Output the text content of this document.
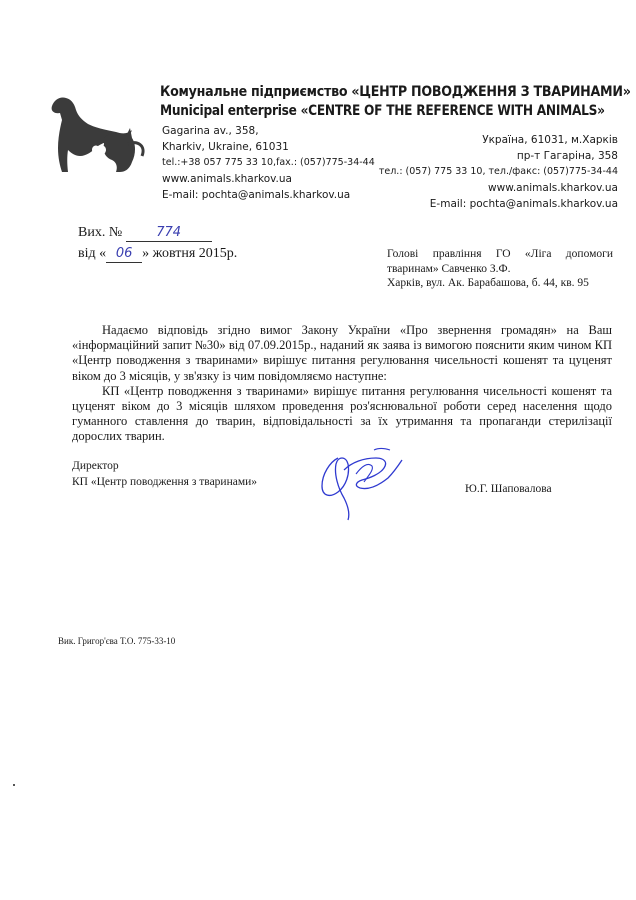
Комунальне підприємство «ЦЕНТР ПОВОДЖЕННЯ З ТВАРИНАМИ»
Municipal enterprise «CENTRE OF THE REFERENCE WITH ANIMALS»
Gagarina av., 358,
Kharkiv, Ukraine, 61031
tel.:+38 057 775 33 10,fax.: (057)775-34-44
www.animals.kharkov.ua
E-mail: pochta@animals.kharkov.ua
Україна, 61031, м.Харків
пр-т Гагаріна, 358
тел.: (057) 775 33 10, тел./факс: (057)775-34-44
www.animals.kharkov.ua
E-mail: pochta@animals.kharkov.ua
Вих. №	774
від « 06 » жовтня 2015р.	Голові правління ГО «Ліга допомоги
тваринам» Савченко З.Ф.
Харків, вул. Ак. Барабашова, б. 44, кв. 95

Надаємо відповідь згідно вимог Закону України «Про звернення громадян» на Ваш «інформаційний запит №30» від 07.09.2015р., наданий як заява із вимогою пояснити яким чином КП «Центр поводження з тваринами» вирішує питання регулювання чисельності кошенят та цуценят віком до 3 місяців, у зв'язку із чим повідомляємо наступне:

КП «Центр поводження з тваринами» вирішує питання регулювання чисельності кошенят та цуценят віком до 3 місяців шляхом проведення роз'яснювальної роботи серед населення щодо гуманного ставлення до тварин, відповідальності за їх утримання та пропаганди стерилізації дорослих тварин.

Директор
КП «Центр поводження з тваринами»
Ю.Г. Шаповалова
Вик. Григор'єва Т.О. 775-33-10
